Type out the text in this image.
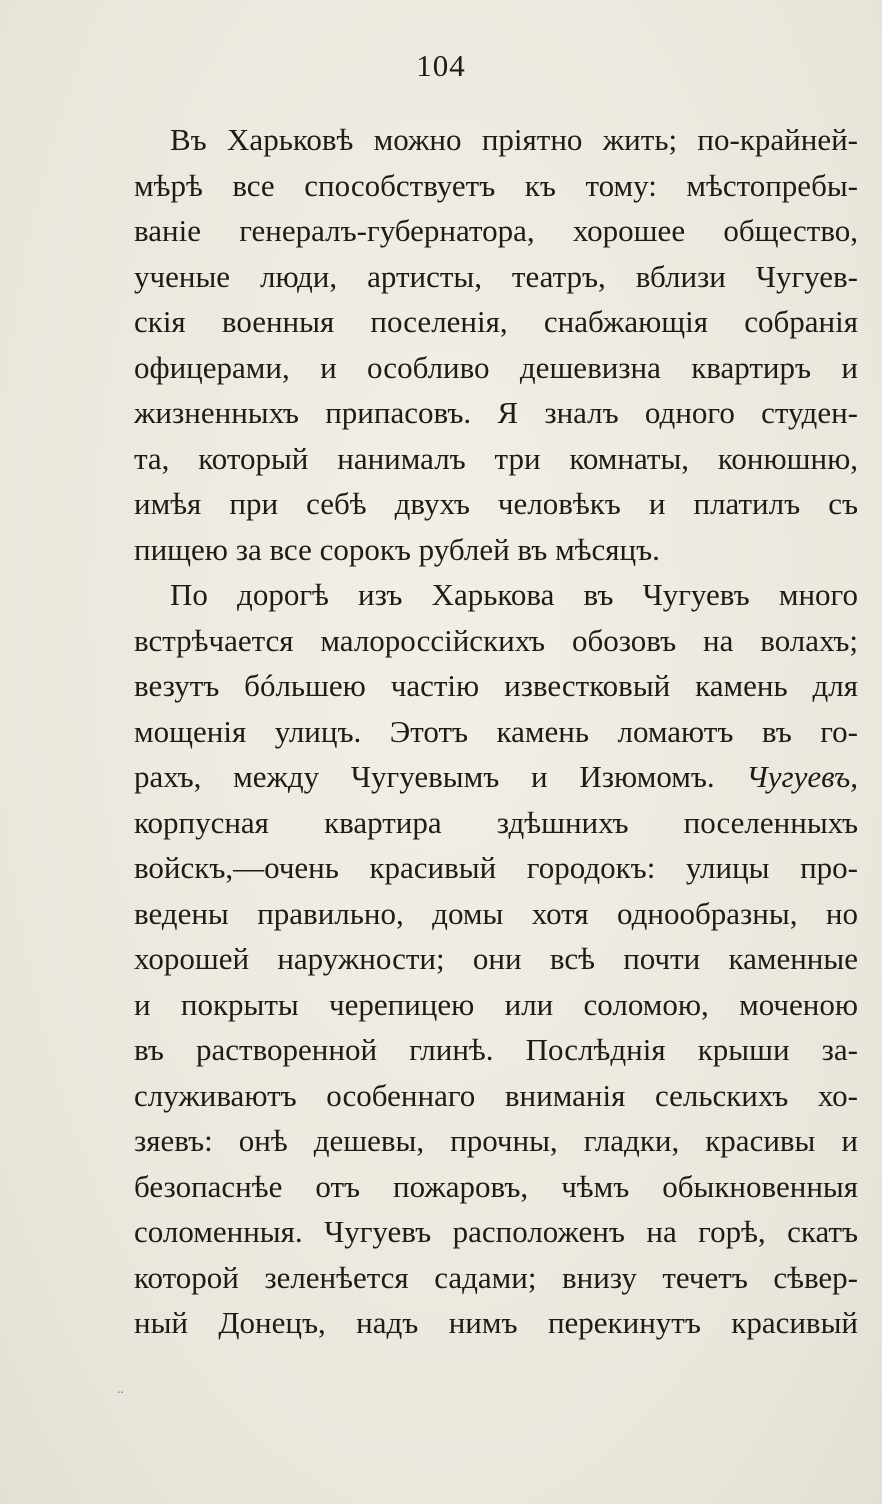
104
Въ Харьковѣ можно пріятно жить; по-крайней-
мѣрѣ все способствуетъ къ тому: мѣстопребы-
ваніе генералъ-губернатора, хорошее общество,
ученые люди, артисты, театръ, вблизи Чугуев-
скія военныя поселенія, снабжающія собранія
офицерами, и особливо дешевизна квартиръ и
жизненныхъ припасовъ. Я зналъ одного студен-
та, который нанималъ три комнаты, конюшню,
имѣя при себѣ двухъ человѣкъ и платилъ съ
пищею за все сорокъ рублей въ мѣсяцъ.
По дорогѣ изъ Харькова въ Чугуевъ много
встрѣчается малороссійскихъ обозовъ на волахъ;
везутъ бóльшею частію известковый камень для
мощенія улицъ. Этотъ камень ломаютъ въ го-
рахъ, между Чугуевымъ и Изюмомъ. Чугуевъ,
корпусная квартира здѣшнихъ поселенныхъ
войскъ,—очень красивый городокъ: улицы про-
ведены правильно, домы хотя однообразны, но
хорошей наружности; они всѣ почти каменные
и покрыты черепицею или соломою, моченою
въ растворенной глинѣ. Послѣднія крыши за-
служиваютъ особеннаго вниманія сельскихъ хо-
зяевъ: онѣ дешевы, прочны, гладки, красивы и
безопаснѣе отъ пожаровъ, чѣмъ обыкновенныя
соломенныя. Чугуевъ расположенъ на горѣ, скатъ
которой зеленѣется садами; внизу течетъ сѣвер-
ный Донецъ, надъ нимъ перекинутъ красивый
..
